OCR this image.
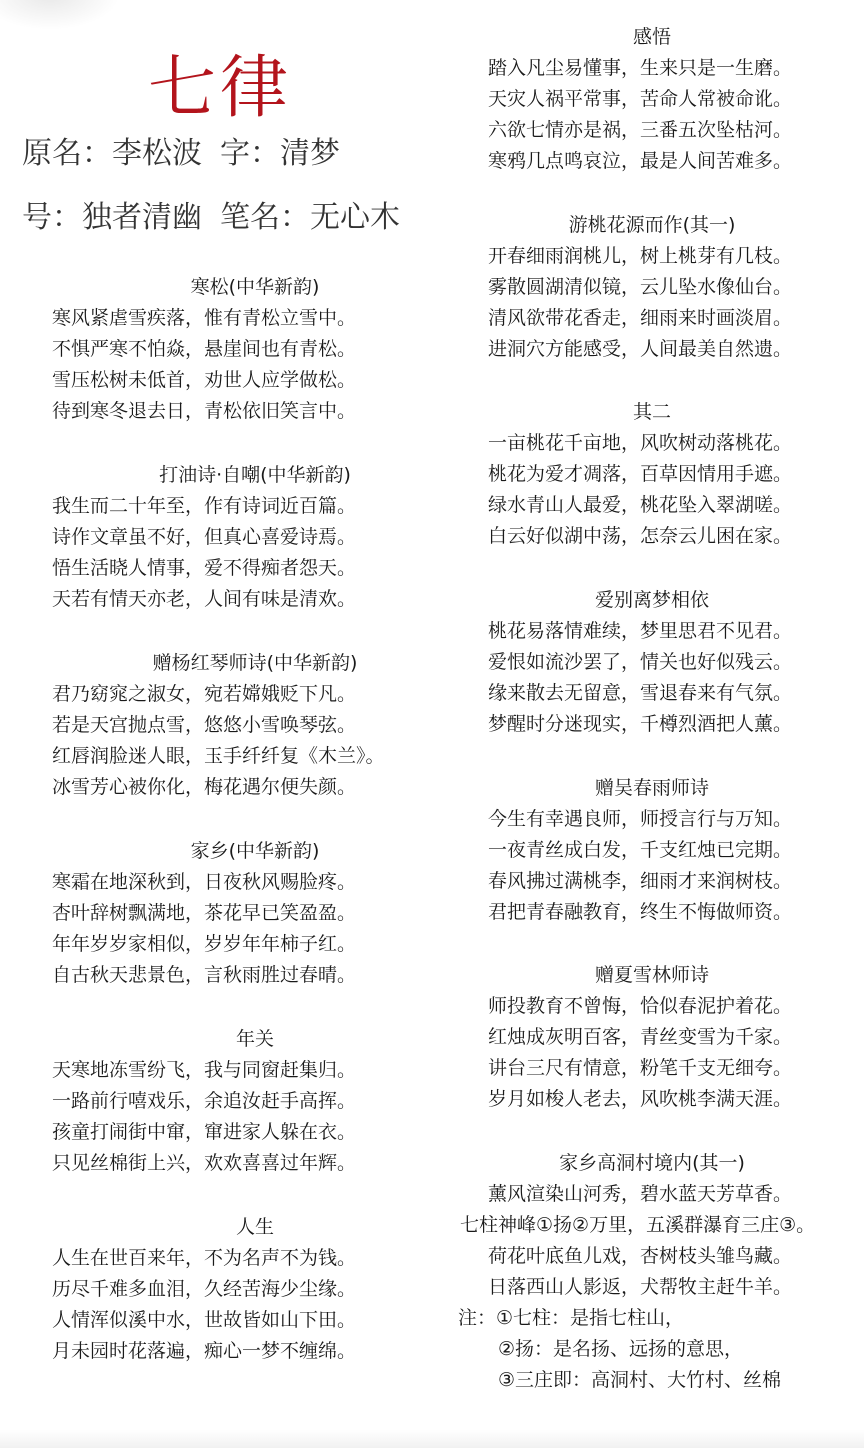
七律
原名：李松波 字：清梦
号：独者清幽 笔名：无心木

寒松(中华新韵)

寒风紧虐雪疾落，惟有青松立雪中。

不惧严寒不怕焱，悬崖间也有青松。

雪压松树未低首，劝世人应学做松。

待到寒冬退去日，青松依旧笑言中。

打油诗·自嘲(中华新韵)

我生而二十年至，作有诗词近百篇。

诗作文章虽不好，但真心喜爱诗焉。

悟生活晓人情事，爱不得痴者怨天。

天若有情天亦老，人间有味是清欢。

赠杨红琴师诗(中华新韵)

君乃窈窕之淑女，宛若嫦娥贬下凡。

若是天宫抛点雪，悠悠小雪唤琴弦。

红唇润脸迷人眼，玉手纤纤复《木兰》。

冰雪芳心被你化，梅花遇尔便失颜。

家乡(中华新韵)

寒霜在地深秋到，日夜秋风赐脸疼。

杏叶辞树飘满地，茶花早已笑盈盈。

年年岁岁家相似，岁岁年年柿子红。

自古秋天悲景色，言秋雨胜过春晴。

年关

天寒地冻雪纷飞，我与同窗赶集归。

一路前行嘻戏乐，余追汝赶手高挥。

孩童打闹街中窜，窜进家人躲在衣。

只见丝棉街上兴，欢欢喜喜过年辉。

人生

人生在世百来年，不为名声不为钱。

历尽千难多血泪，久经苦海少尘缘。

人情浑似溪中水，世故皆如山下田。

月未园时花落遍，痴心一梦不缠绵。

感悟

踏入凡尘易懂事，生来只是一生磨。

天灾人祸平常事，苦命人常被命讹。

六欲七情亦是祸，三番五次坠枯河。

寒鸦几点鸣哀泣，最是人间苦难多。

游桃花源而作(其一)

开春细雨润桃儿，树上桃芽有几枝。

雾散圆湖清似镜，云儿坠水像仙台。

清风欲带花香走，细雨来时画淡眉。

进洞穴方能感受，人间最美自然遗。

其二

一亩桃花千亩地，风吹树动落桃花。

桃花为爱才凋落，百草因情用手遮。

绿水青山人最爱，桃花坠入翠湖嗟。

白云好似湖中荡，怎奈云儿困在家。

爱别离梦相依

桃花易落情难续，梦里思君不见君。

爱恨如流沙罢了，情关也好似残云。

缘来散去无留意，雪退春来有气氛。

梦醒时分迷现实，千樽烈酒把人薰。

赠吴春雨师诗

今生有幸遇良师，师授言行与万知。

一夜青丝成白发，千支红烛已完期。

春风拂过满桃李，细雨才来润树枝。

君把青春融教育，终生不悔做师资。

赠夏雪林师诗

师投教育不曾悔，恰似春泥护着花。

红烛成灰明百客，青丝变雪为千家。

讲台三尺有情意，粉笔千支无细夸。

岁月如梭人老去，风吹桃李满天涯。

家乡高洞村境内(其一)

薰风渲染山河秀，碧水蓝天芳草香。

七柱神峰①扬②万里，五溪群瀑育三庄③。

荷花叶底鱼儿戏，杏树枝头雏鸟藏。

日落西山人影返，犬帮牧主赶牛羊。

注：①七柱：是指七柱山，

②扬：是名扬、远扬的意思，

③三庄即：高洞村、大竹村、丝棉
